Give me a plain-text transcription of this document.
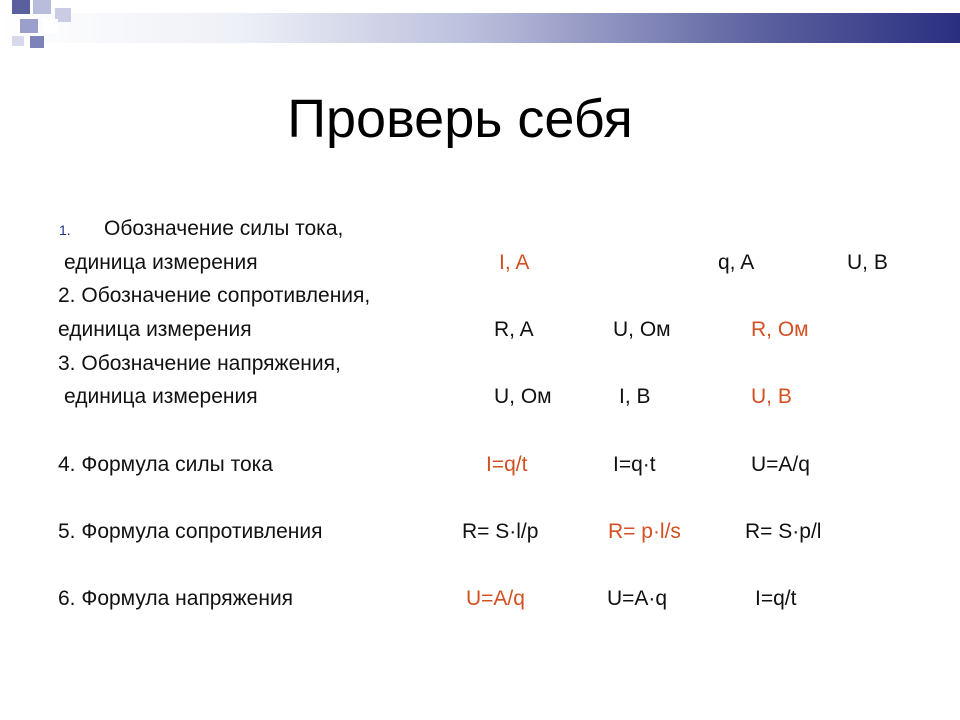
Проверь себя
1. Обозначение силы тока,
единица измерения	I, A	q, A	U, B
2. Обозначение сопротивления,
единица измерения	R, A	U, Ом	R, Ом
3. Обозначение напряжения,
единица измерения	U, Ом	I, B	U, B
4. Формула силы тока	I=q/t	I=q·t	U=A/q
5. Формула сопротивления	R= S·l/p	R= p·l/s	R= S·p/l
6. Формула напряжения	U=A/q	U=A·q	I=q/t
